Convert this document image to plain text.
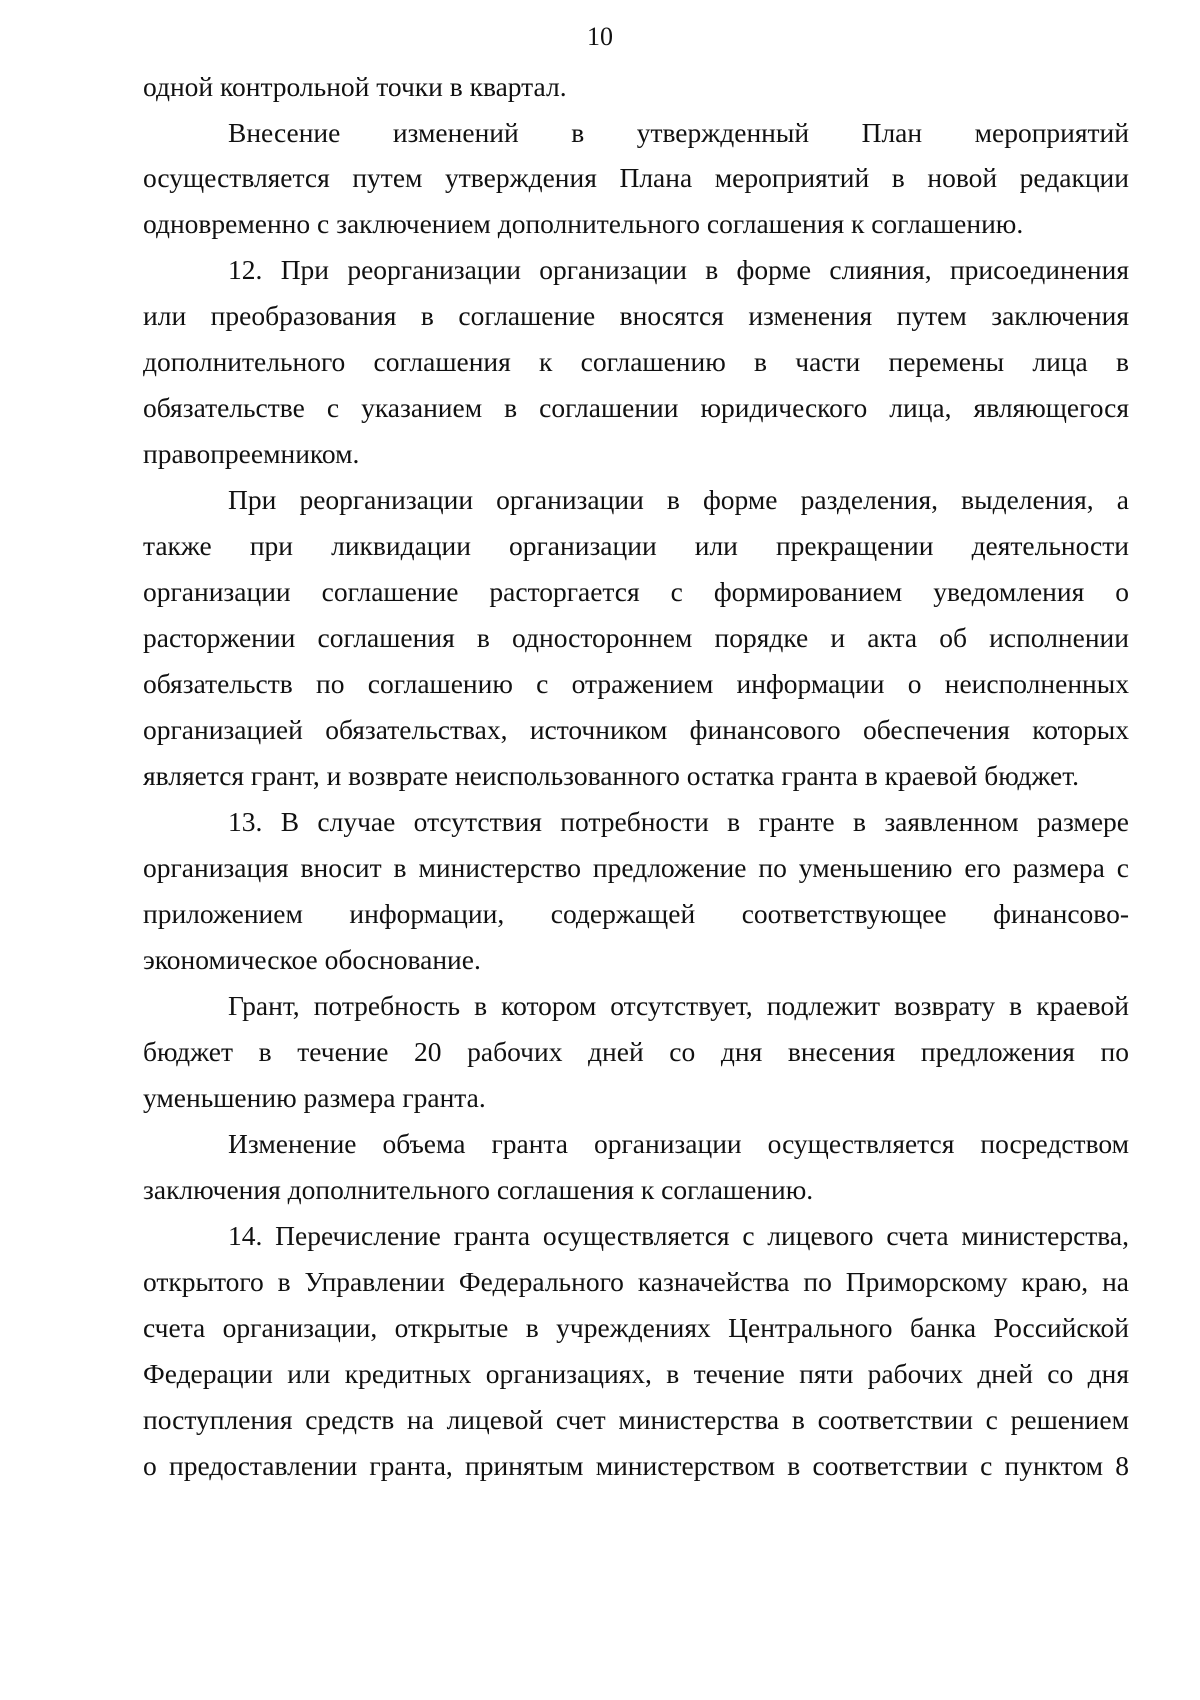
10
одной контрольной точки в квартал.
Внесение изменений в утвержденный План мероприятий
осуществляется путем утверждения Плана мероприятий в новой редакции
одновременно с заключением дополнительного соглашения к соглашению.
12. При реорганизации организации в форме слияния, присоединения
или преобразования в соглашение вносятся изменения путем заключения
дополнительного соглашения к соглашению в части перемены лица в
обязательстве с указанием в соглашении юридического лица, являющегося
правопреемником.
При реорганизации организации в форме разделения, выделения, а
также при ликвидации организации или прекращении деятельности
организации соглашение расторгается с формированием уведомления о
расторжении соглашения в одностороннем порядке и акта об исполнении
обязательств по соглашению с отражением информации о неисполненных
организацией обязательствах, источником финансового обеспечения которых
является грант, и возврате неиспользованного остатка гранта в краевой бюджет.
13. В случае отсутствия потребности в гранте в заявленном размере
организация вносит в министерство предложение по уменьшению его размера с
приложением информации, содержащей соответствующее финансово-
экономическое обоснование.
Грант, потребность в котором отсутствует, подлежит возврату в краевой
бюджет в течение 20 рабочих дней со дня внесения предложения по
уменьшению размера гранта.
Изменение объема гранта организации осуществляется посредством
заключения дополнительного соглашения к соглашению.
14. Перечисление гранта осуществляется с лицевого счета министерства,
открытого в Управлении Федерального казначейства по Приморскому краю, на
счета организации, открытые в учреждениях Центрального банка Российской
Федерации или кредитных организациях, в течение пяти рабочих дней со дня
поступления средств на лицевой счет министерства в соответствии с решением
о предоставлении гранта, принятым министерством в соответствии с пунктом 8
